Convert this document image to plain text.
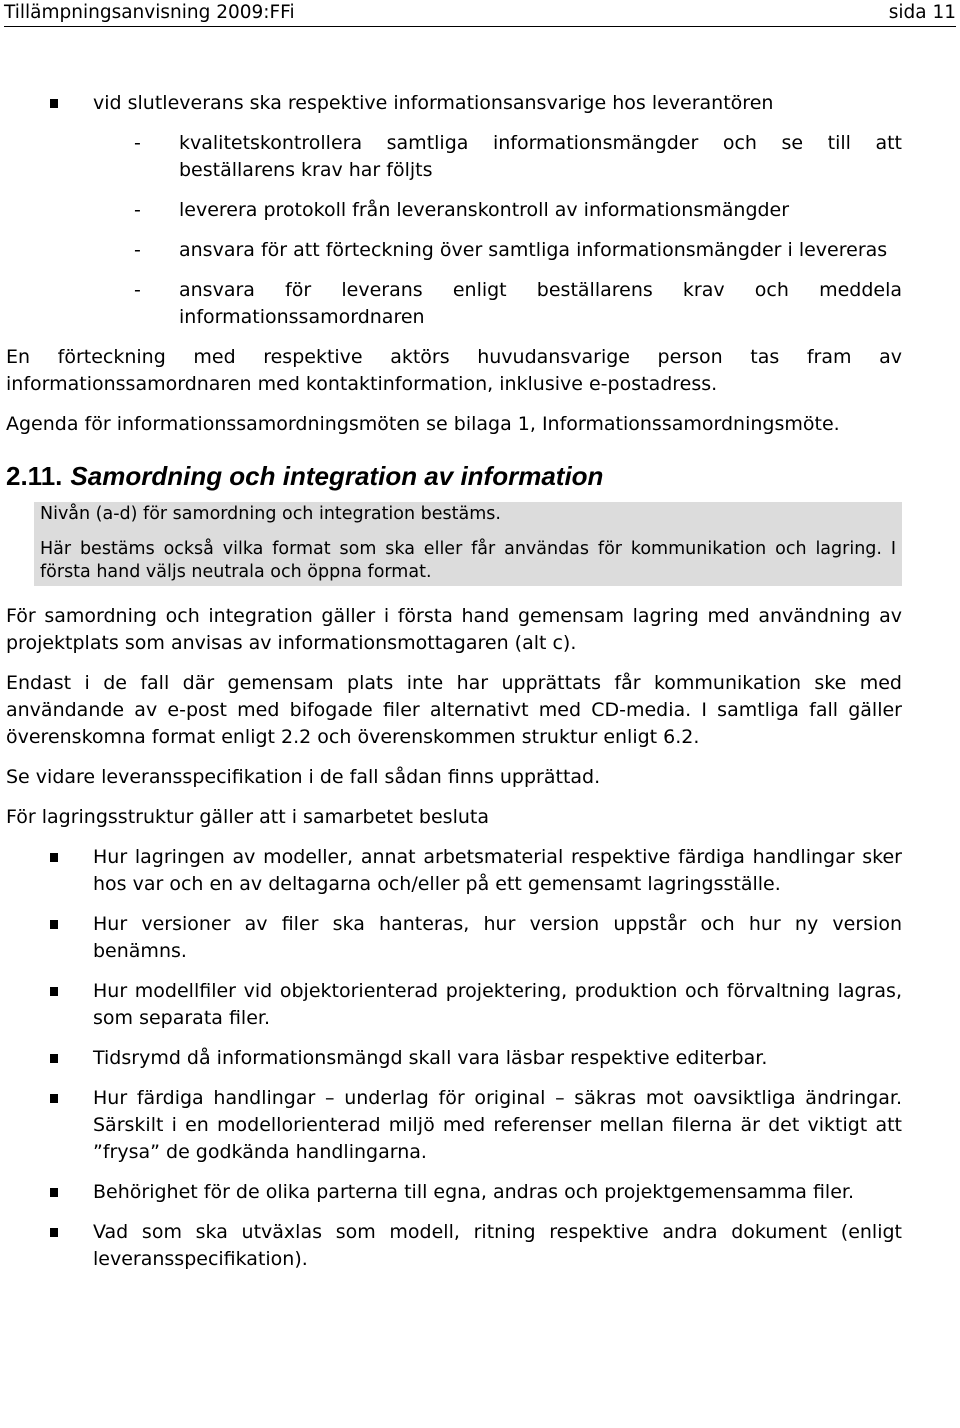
Tillämpningsanvisning 2009:FFi	sida 11
vid slutleverans ska respektive informationsansvarige hos leverantören
- kvalitetskontrollera samtliga informationsmängder och se till att beställarens krav har följts
- leverera protokoll från leveranskontroll av informationsmängder
- ansvara för att förteckning över samtliga informationsmängder i levereras
- ansvara för leverans enligt beställarens krav och meddela informationssamordnaren

En förteckning med respektive aktörs huvudansvarige person tas fram av informationssamordnaren med kontaktinformation, inklusive e-postadress.

Agenda för informationssamordningsmöten se bilaga 1, Informationssamordningsmöte.

2.11. Samordning och integration av information

Nivån (a-d) för samordning och integration bestäms.

Här bestäms också vilka format som ska eller får användas för kommunikation och lagring. I första hand väljs neutrala och öppna format.

För samordning och integration gäller i första hand gemensam lagring med användning av projektplats som anvisas av informationsmottagaren (alt c).

Endast i de fall där gemensam plats inte har upprättats får kommunikation ske med användande av e-post med bifogade filer alternativt med CD-media. I samtliga fall gäller överenskomna format enligt 2.2 och överenskommen struktur enligt 6.2.

Se vidare leveransspecifikation i de fall sådan finns upprättad.

För lagringsstruktur gäller att i samarbetet besluta

Hur lagringen av modeller, annat arbetsmaterial respektive färdiga handlingar sker hos var och en av deltagarna och/eller på ett gemensamt lagringsställe.
Hur versioner av filer ska hanteras, hur version uppstår och hur ny version benämns.
Hur modellfiler vid objektorienterad projektering, produktion och förvaltning lagras, som separata filer.
Tidsrymd då informationsmängd skall vara läsbar respektive editerbar.
Hur färdiga handlingar – underlag för original – säkras mot oavsiktliga ändringar. Särskilt i en modellorienterad miljö med referenser mellan filerna är det viktigt att ”frysa” de godkända handlingarna.
Behörighet för de olika parterna till egna, andras och projektgemensamma filer.
Vad som ska utväxlas som modell, ritning respektive andra dokument (enligt leveransspecifikation).
